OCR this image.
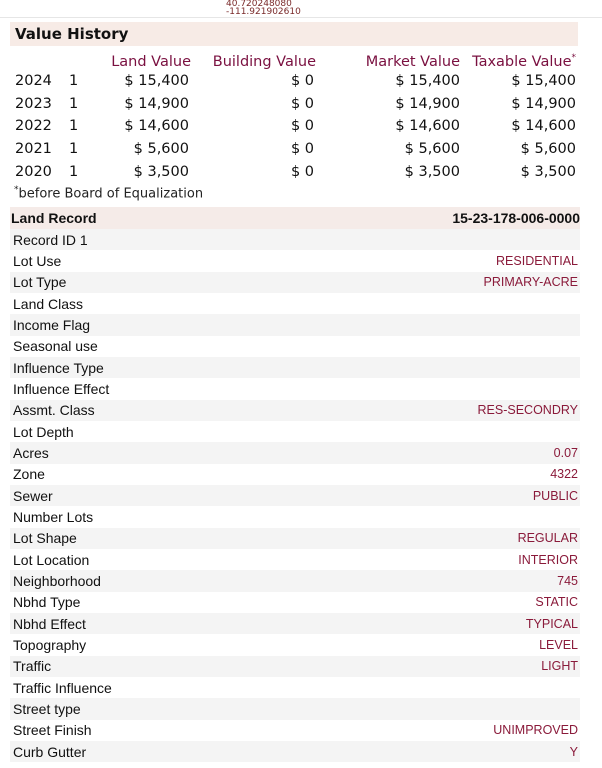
40.720248080
-111.921902610
Value History
		Land Value	Building Value	Market Value	Taxable Value*
2024	1	$ 15,400	$ 0	$ 15,400	$ 15,400
2023	1	$ 14,900	$ 0	$ 14,900	$ 14,900
2022	1	$ 14,600	$ 0	$ 14,600	$ 14,600
2021	1	$ 5,600	$ 0	$ 5,600	$ 5,600
2020	1	$ 3,500	$ 0	$ 3,500	$ 3,500
*before Board of Equalization
Land Record	15-23-178-006-0000
Record ID 1
Lot Use	RESIDENTIAL
Lot Type	PRIMARY-ACRE
Land Class
Income Flag
Seasonal use
Influence Type
Influence Effect
Assmt. Class	RES-SECONDRY
Lot Depth
Acres	0.07
Zone	4322
Sewer	PUBLIC
Number Lots
Lot Shape	REGULAR
Lot Location	INTERIOR
Neighborhood	745
Nbhd Type	STATIC
Nbhd Effect	TYPICAL
Topography	LEVEL
Traffic	LIGHT
Traffic Influence
Street type
Street Finish	UNIMPROVED
Curb Gutter	Y
